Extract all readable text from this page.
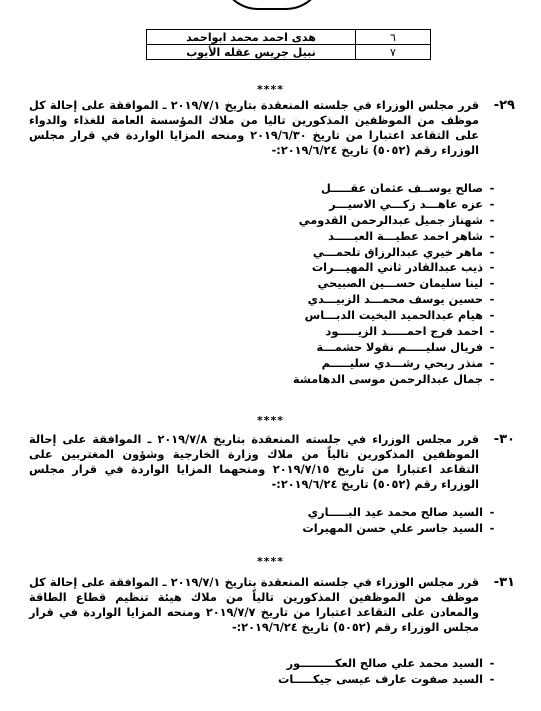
٦	هدى احمد محمد ابواحمد
٧	نبيل جريس عقله الأيوب
****
٢٩-
قرر مجلس الوزراء في جلسته المنعقدة بتاريخ ٢٠١٩/٧/١ ـ الموافقة على إحالة كل موظف من الموظفين المذكورين تاليا من ملاك المؤسسة العامة للغذاء والدواء على التقاعد اعتبارا من تاريخ ٢٠١٩/٦/٣٠ ومنحه المزايا الواردة في قرار مجلس الوزراء رقم (٥٠٥٢) تاريخ ٢٠١٩/٦/٢٤:-
-صالح يوســف عثمان عقـــــل
-عزه عاهـــد زكـــي الاسيـــر
-شهناز جميل عبدالرحمن القدومي
-شاهر احمد عطيـــة العبـــــد
-ماهر خيري عبدالرزاق تلحمـــي
-ذيب عبدالقادر ثاني المهيـــرات
-لينا سليمان حســـين الصبيحي
-حسين يوسف محمـــد الزبيـــدي
-هيام عبدالحميد البخيت الدبـــاس
-احمد فرج احمـــــد الزيـــــود
-فريال سليـــــم نقولا حشمـــة
-منذر ربحي رشـــدي سليـــــم
-جمال عبدالرحمن موسى الدهامشة
****
٣٠-
قرر مجلس الوزراء في جلسته المنعقدة بتاريخ ٢٠١٩/٧/٨ ـ الموافقة على إحالة الموظفين المذكورين تالياً من ملاك وزارة الخارجية وشؤون المغتربين على التقاعد اعتبارا من تاريخ ٢٠١٩/٧/١٥ ومنحهما المزايا الواردة في قرار مجلس الوزراء رقم (٥٠٥٢) تاريخ ٢٠١٩/٦/٢٤:-
-السيد صالح محمد عيد البـــــاري
-السيد جاسر علي حسن المهيرات
****
٣١-
قرر مجلس الوزراء في جلسته المنعقدة بتاريخ ٢٠١٩/٧/١ ـ الموافقة على إحالة كل موظف من الموظفين المذكورين تالياً من ملاك هيئة تنظيم قطاع الطاقة والمعادن على التقاعد اعتبارا من تاريخ ٢٠١٩/٧/٧ ومنحه المزايا الواردة في قرار مجلس الوزراء رقم (٥٠٥٢) تاريخ ٢٠١٩/٦/٢٤:-
-السيد محمد علي صالح العكـــــــــور
-السيد صفوت عارف عيسى جيكـــــات
